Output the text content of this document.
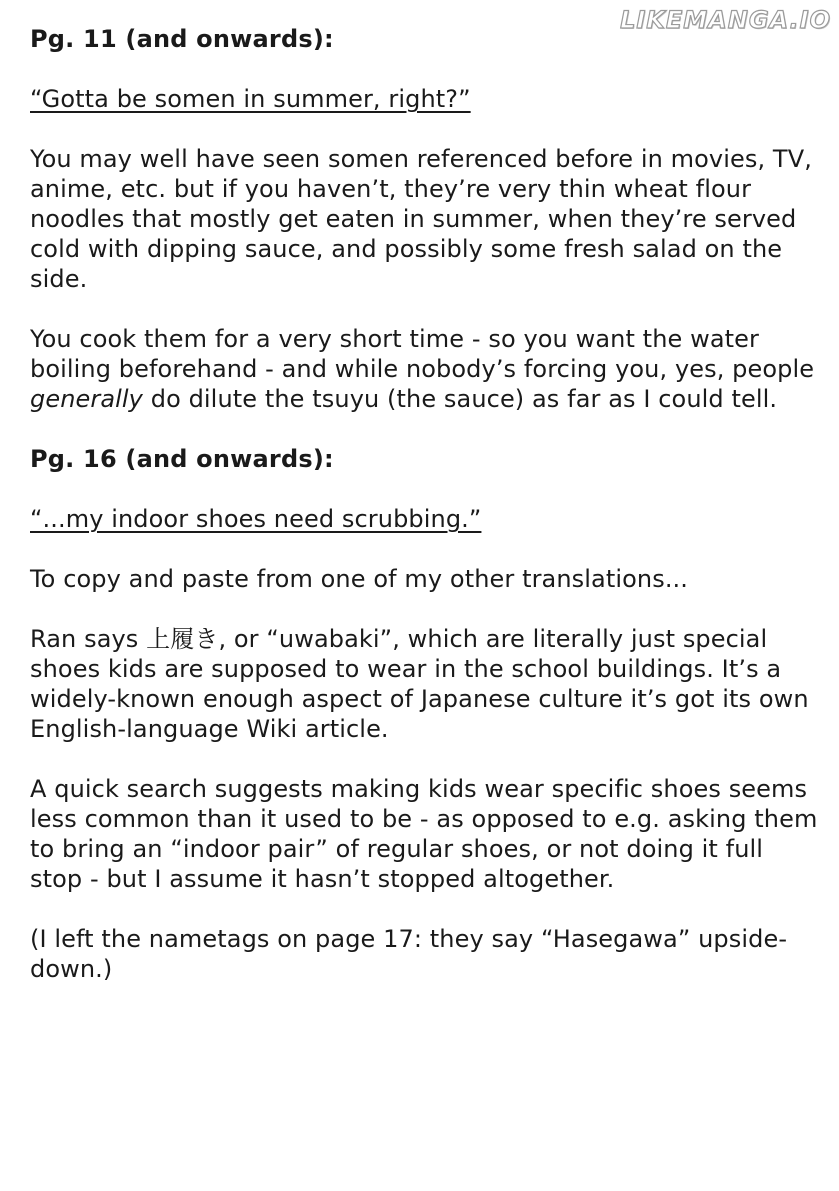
LIKEMANGA.IO
Pg. 11 (and onwards):
“Gotta be somen in summer, right?”
You may well have seen somen referenced before in movies, TV, anime, etc. but if you haven’t, they’re very thin wheat flour noodles that mostly get eaten in summer, when they’re served cold with dipping sauce, and possibly some fresh salad on the side.
You cook them for a very short time - so you want the water boiling beforehand - and while nobody’s forcing you, yes, people generally do dilute the tsuyu (the sauce) as far as I could tell.
Pg. 16 (and onwards):
“...my indoor shoes need scrubbing.”
To copy and paste from one of my other translations...
Ran says 上履き, or “uwabaki”, which are literally just special shoes kids are supposed to wear in the school buildings. It’s a widely-known enough aspect of Japanese culture it’s got its own English-language Wiki article.
A quick search suggests making kids wear specific shoes seems less common than it used to be - as opposed to e.g. asking them to bring an “indoor pair” of regular shoes, or not doing it full stop - but I assume it hasn’t stopped altogether.
(I left the nametags on page 17: they say “Hasegawa” upside-down.)
